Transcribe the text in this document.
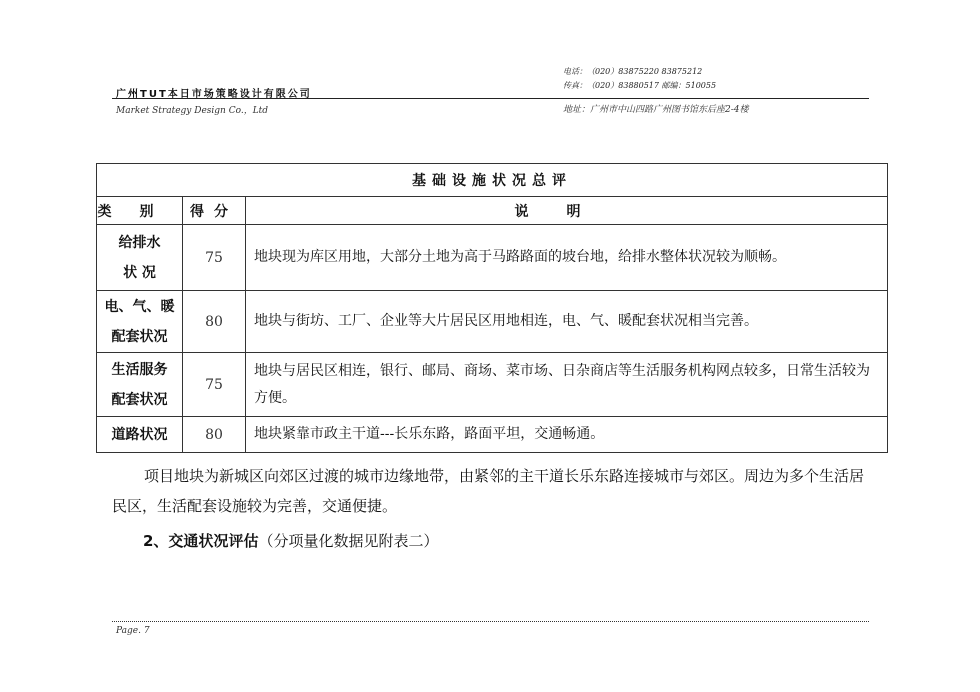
电话：（020）83875220 83875212
传真：（020）83880517 邮编：510055
广州TUT本日市场策略设计有限公司
Market Strategy Design Co.，Ltd	地址：广州市中山四路广州图书馆东后座2-4楼
基础设施状况总评		
类别	得分	说明

给排水
状 况	75	地块现为库区用地，大部分土地为高于马路路面的坡台地，给排水整体状况较为顺畅。

电、气、暖
配套状况	80	地块与街坊、工厂、企业等大片居民区用地相连，电、气、暖配套状况相当完善。

生活服务
配套状况	75	地块与居民区相连，银行、邮局、商场、菜市场、日杂商店等生活服务机构网点较多，日常生活较为方便。
道路状况	80	地块紧靠市政主干道---长乐东路，路面平坦，交通畅通。
项目地块为新城区向郊区过渡的城市边缘地带，由紧邻的主干道长乐东路连接城市与郊区。周边为多个生活居民区，生活配套设施较为完善，交通便捷。
2、交通状况评估（分项量化数据见附表二）
Page. 7
